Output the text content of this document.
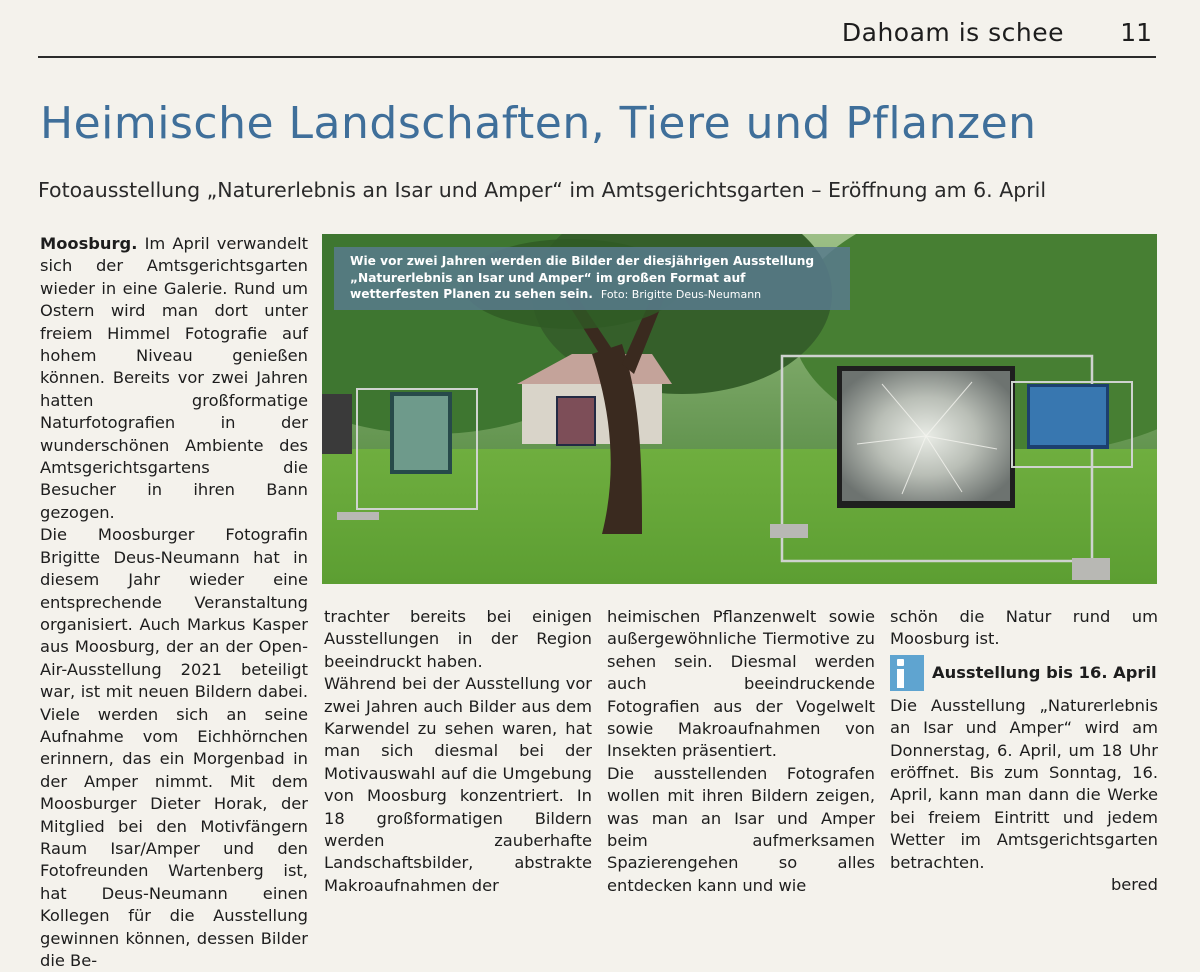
Dahoam is schee 11
Heimische Landschaften, Tiere und Pflanzen
Fotoausstellung „Naturerlebnis an Isar und Amper“ im Amtsgerichtsgarten – Eröffnung am 6. April

Moosburg. Im April verwandelt sich der Amtsgerichtsgarten wieder in eine Galerie. Rund um Ostern wird man dort unter freiem Himmel Fotografie auf hohem Niveau genießen können. Bereits vor zwei Jahren hatten großformatige Naturfotografien in der wunderschönen Ambiente des Amtsgerichtsgartens die Besucher in ihren Bann gezogen.

Die Moosburger Fotografin Brigitte Deus-Neumann hat in diesem Jahr wieder eine entsprechende Veranstaltung organisiert. Auch Markus Kasper aus Moosburg, der an der Open-Air-Ausstellung 2021 beteiligt war, ist mit neuen Bildern dabei. Viele werden sich an seine Aufnahme vom Eichhörnchen erinnern, das ein Morgenbad in der Amper nimmt. Mit dem Moosburger Dieter Horak, der Mitglied bei den Motivfängern Raum Isar/Amper und den Fotofreunden Wartenberg ist, hat Deus-Neumann einen Kollegen für die Ausstellung gewinnen können, dessen Bilder die Be-

Wie vor zwei Jahren werden die Bilder der diesjährigen Ausstellung „Naturerlebnis an Isar und Amper“ im großen Format auf wetterfesten Planen zu sehen sein. Foto: Brigitte Deus-Neumann

trachter bereits bei einigen Ausstellungen in der Region beeindruckt haben.

Während bei der Ausstellung vor zwei Jahren auch Bilder aus dem Karwendel zu sehen waren, hat man sich diesmal bei der Motivauswahl auf die Umgebung von Moosburg konzentriert. In 18 großformatigen Bildern werden zauberhafte Landschaftsbilder, abstrakte Makroaufnahmen der

heimischen Pflanzenwelt sowie außergewöhnliche Tiermotive zu sehen sein. Diesmal werden auch beeindruckende Fotografien aus der Vogelwelt sowie Makroaufnahmen von Insekten präsentiert.

Die ausstellenden Fotografen wollen mit ihren Bildern zeigen, was man an Isar und Amper beim aufmerksamen Spazierengehen so alles entdecken kann und wie

schön die Natur rund um Moosburg ist.

Ausstellung bis 16. April

Die Ausstellung „Naturerlebnis an Isar und Amper“ wird am Donnerstag, 6. April, um 18 Uhr eröffnet. Bis zum Sonntag, 16. April, kann man dann die Werke bei freiem Eintritt und jedem Wetter im Amtsgerichtsgarten betrachten.

bered
